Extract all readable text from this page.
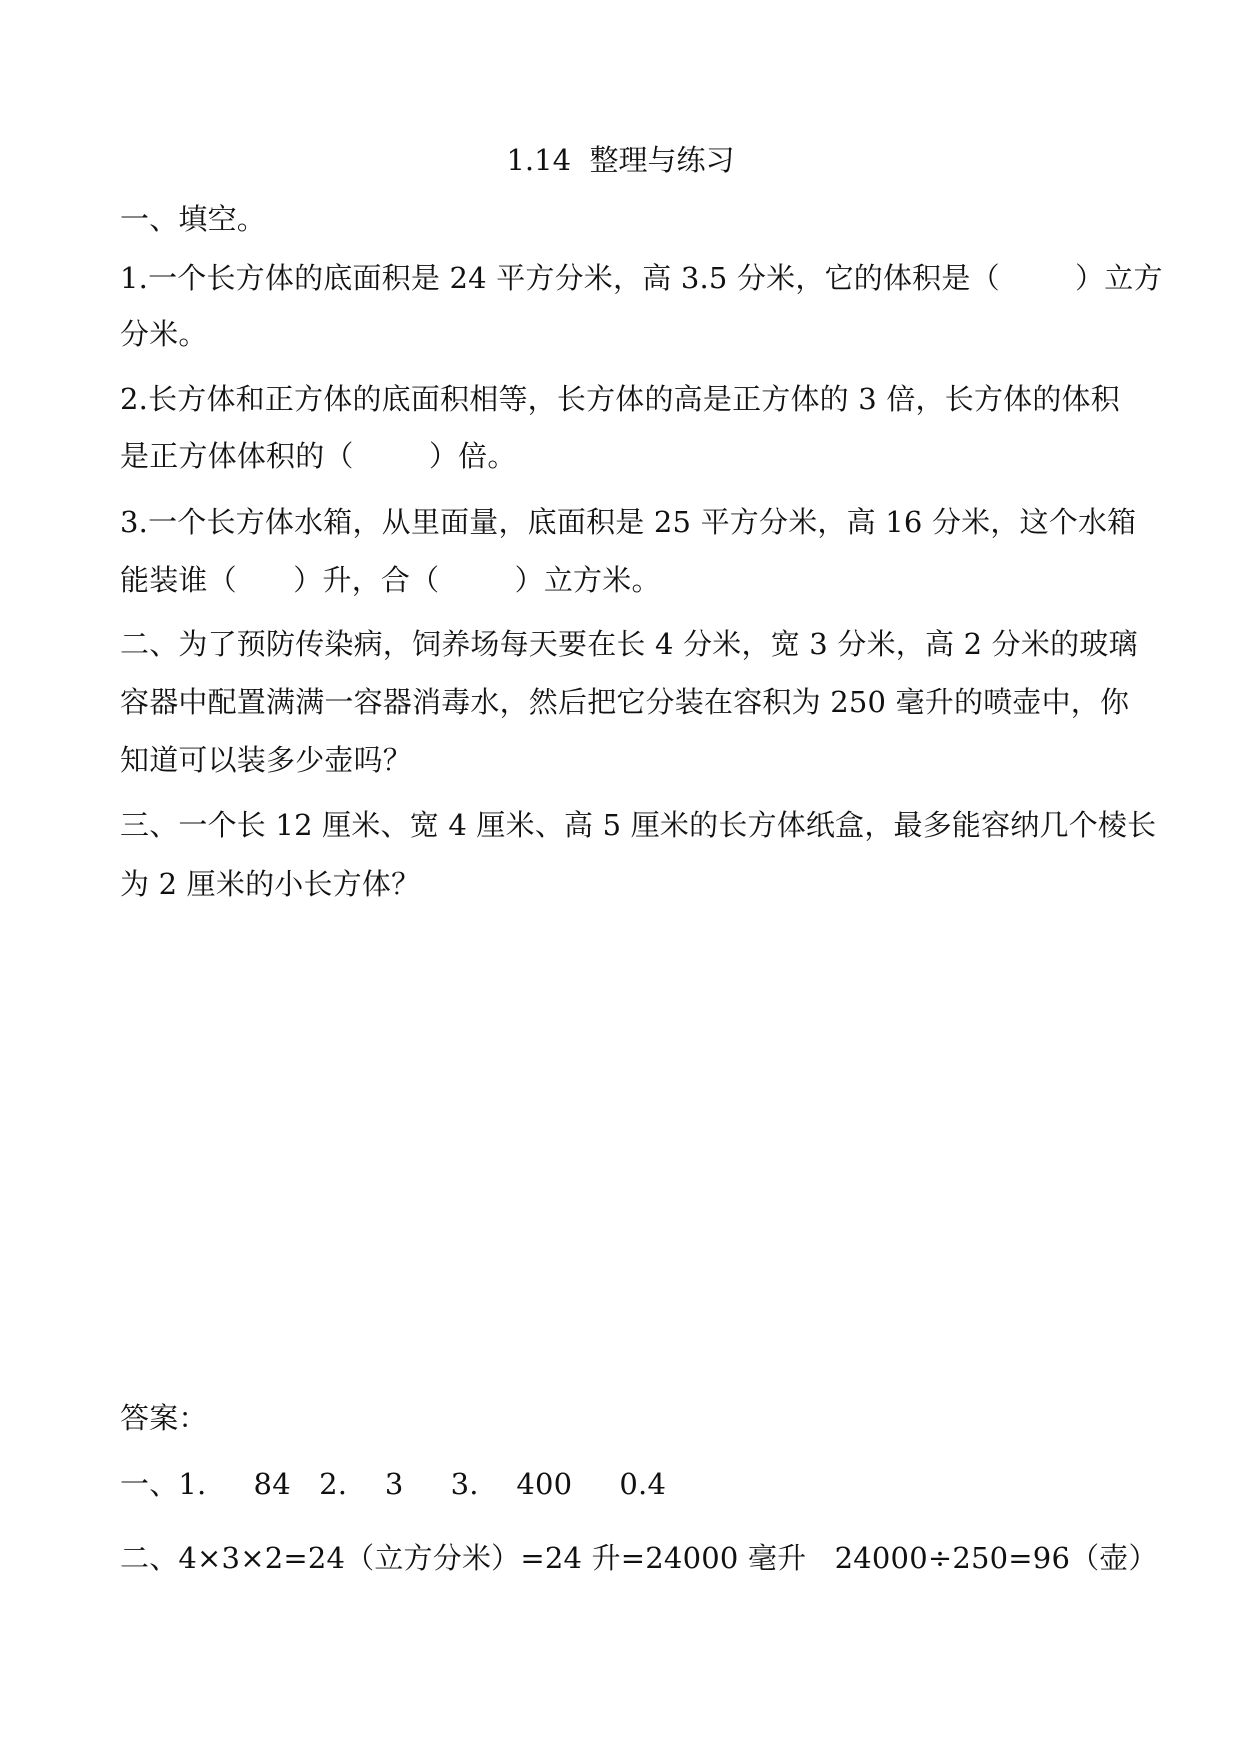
1.14  整理与练习
一、填空。
1.一个长方体的底面积是 24 平方分米，高 3.5 分米，它的体积是（        ）立方
分米。
2.长方体和正方体的底面积相等，长方体的高是正方体的 3 倍，长方体的体积
是正方体体积的（        ）倍。
3.一个长方体水箱，从里面量，底面积是 25 平方分米，高 16 分米，这个水箱
能装谁（      ）升，合（        ）立方米。
二、为了预防传染病，饲养场每天要在长 4 分米，宽 3 分米，高 2 分米的玻璃
容器中配置满满一容器消毒水，然后把它分装在容积为 250 毫升的喷壶中，你
知道可以装多少壶吗？
三、一个长 12 厘米、宽 4 厘米、高 5 厘米的长方体纸盒，最多能容纳几个棱长
为 2 厘米的小长方体？
答案：
一、1.     84   2.    3     3.    400     0.4
二、4×3×2=24（立方分米）=24 升=24000 毫升   24000÷250=96（壶）
